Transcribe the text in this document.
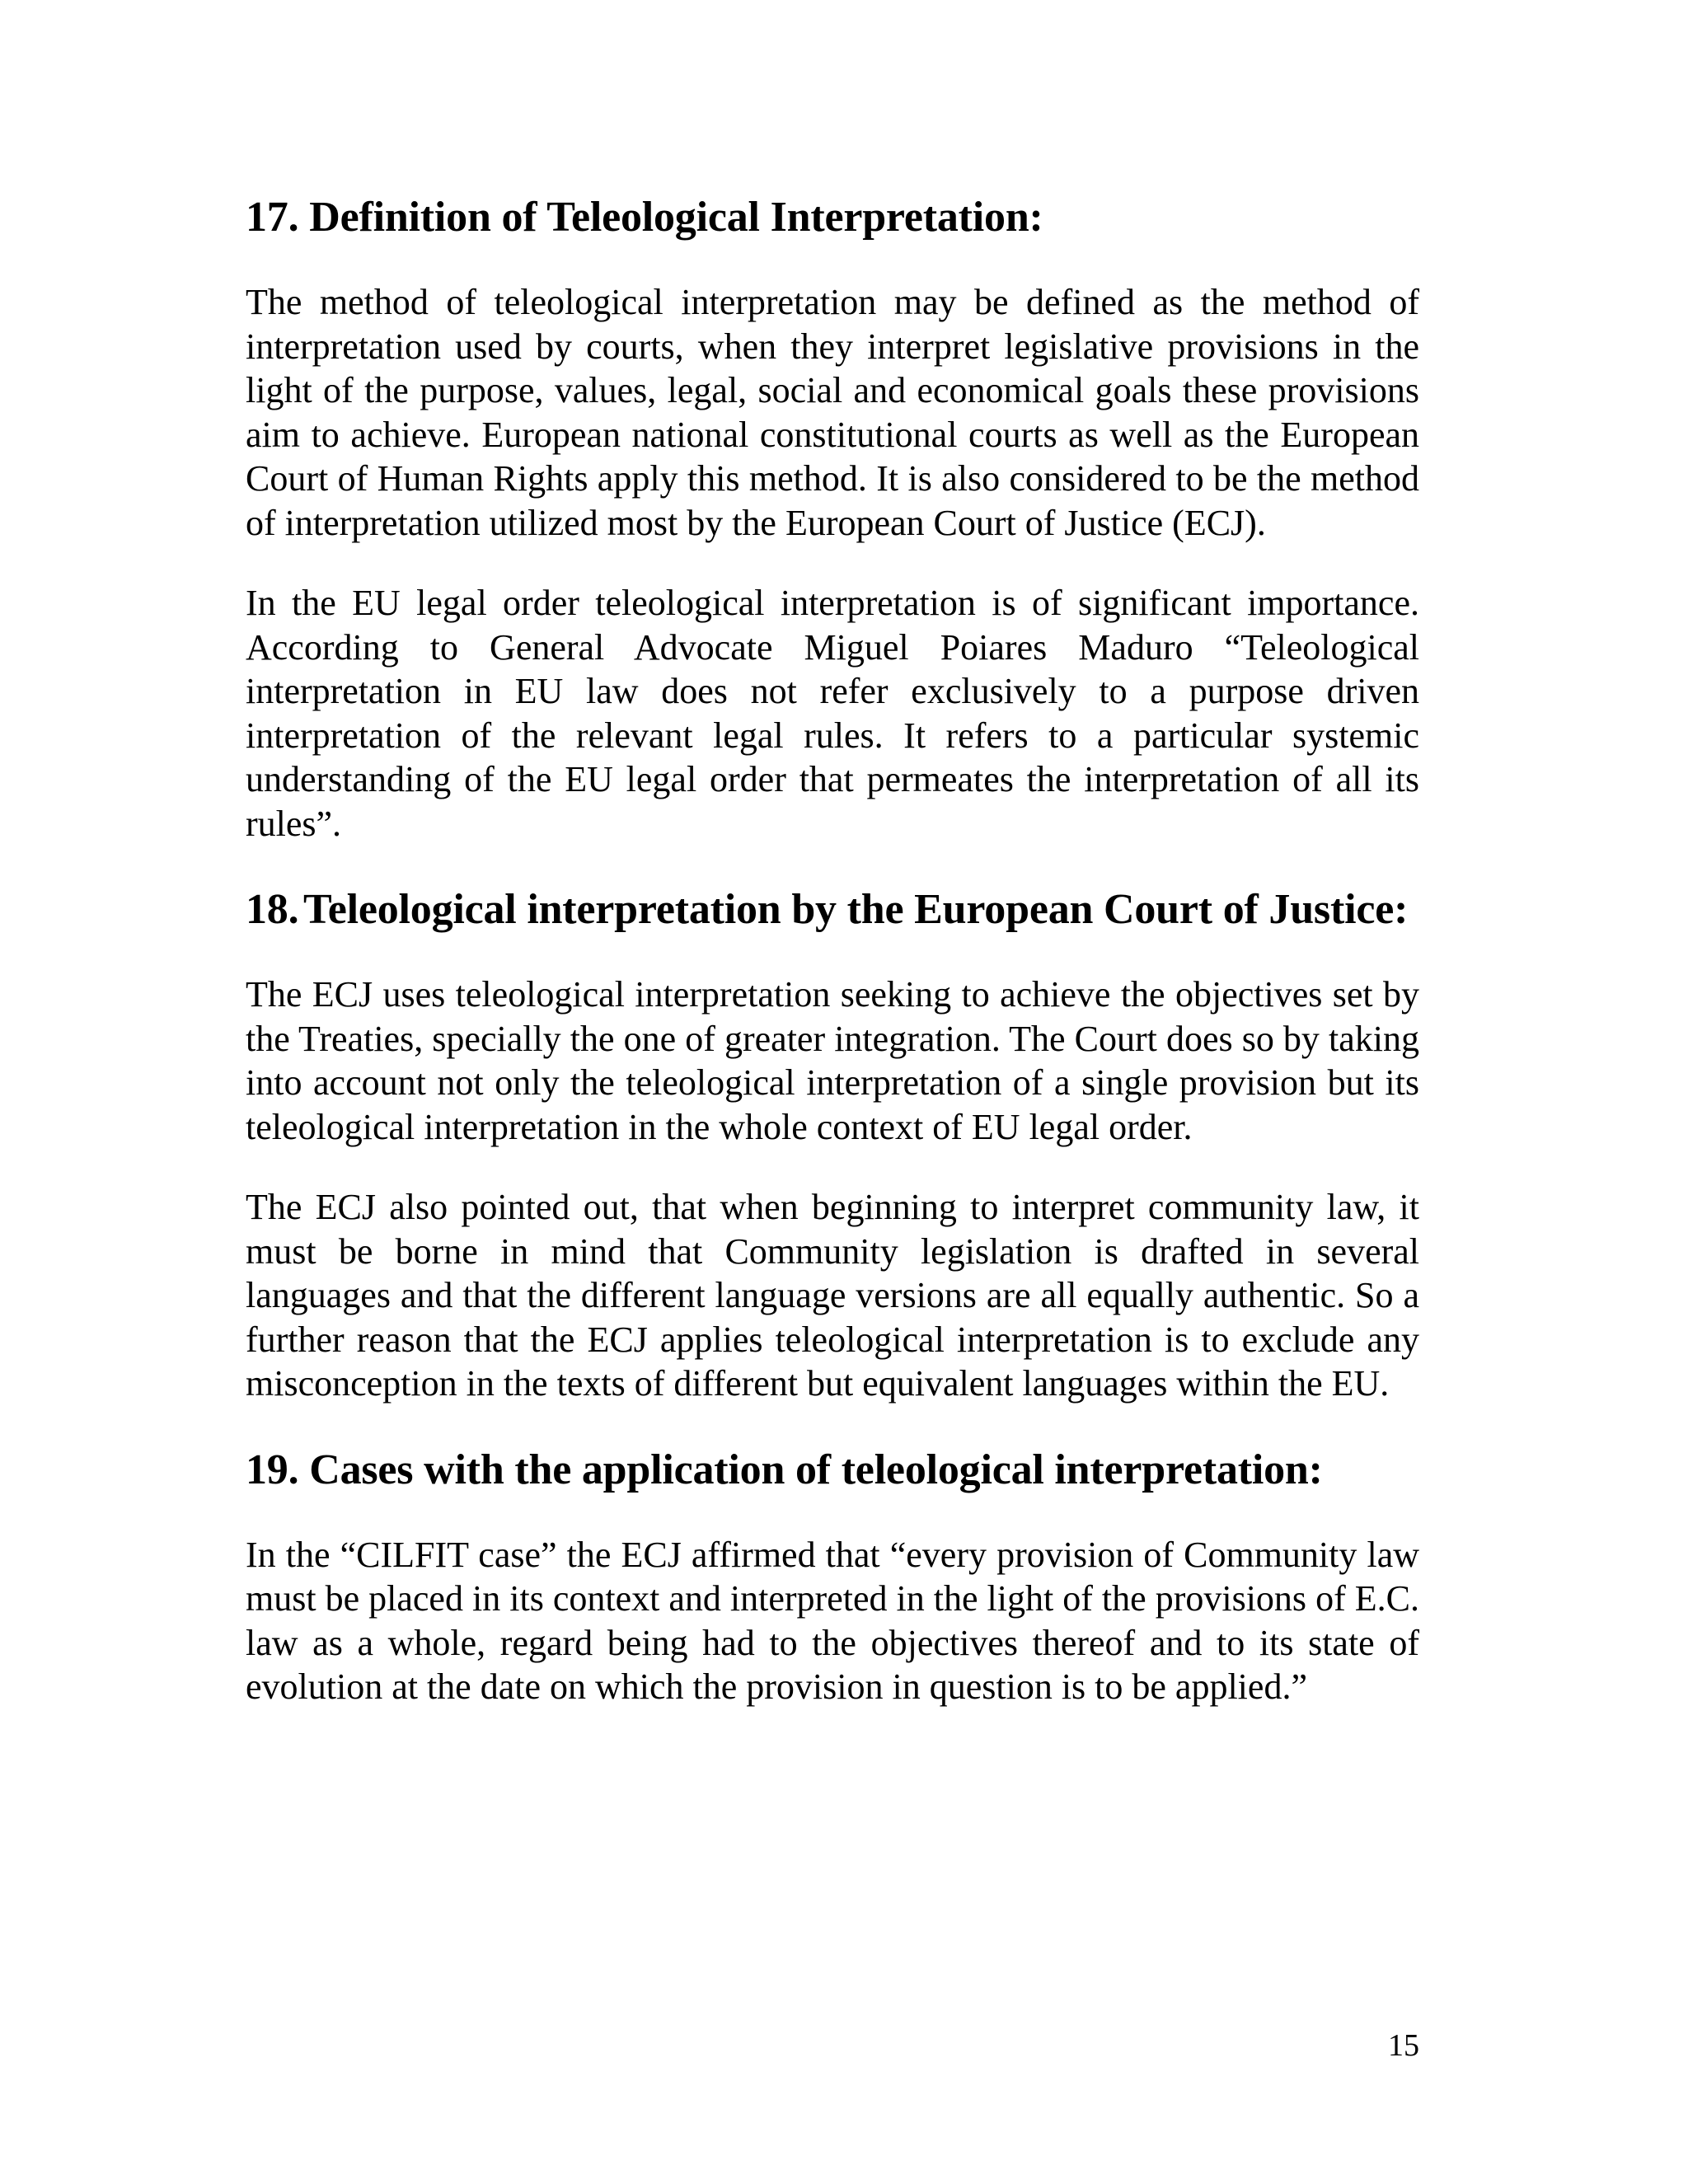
17. Definition of Teleological Interpretation:

The method of teleological interpretation may be defined as the method of interpretation used by courts, when they interpret legislative provisions in the light of the purpose, values, legal, social and economical goals these provisions aim to achieve. European national constitutional courts as well as the European Court of Human Rights apply this method. It is also considered to be the method of interpretation utilized most by the European Court of Justice (ECJ).

In the EU legal order teleological interpretation is of significant importance. According to General Advocate Miguel Poiares Maduro “Teleological interpretation in EU law does not refer exclusively to a purpose driven interpretation of the relevant legal rules. It refers to a particular systemic understanding of the EU legal order that permeates the interpretation of all its rules”.

18. Teleological interpretation by the European Court of Justice:

The ECJ uses teleological interpretation seeking to achieve the objectives set by the Treaties, specially the one of greater integration. The Court does so by taking into account not only the teleological interpretation of a single provision but its teleological interpretation in the whole context of EU legal order.

The ECJ also pointed out, that when beginning to interpret community law, it must be borne in mind that Community legislation is drafted in several languages and that the different language versions are all equally authentic. So a further reason that the ECJ applies teleological interpretation is to exclude any misconception in the texts of different but equivalent languages within the EU.

19. Cases with the application of teleological interpretation:

In the “CILFIT case” the ECJ affirmed that “every provision of Community law must be placed in its context and interpreted in the light of the provisions of E.C. law as a whole, regard being had to the objectives thereof and to its state of evolution at the date on which the provision in question is to be applied.”

15
